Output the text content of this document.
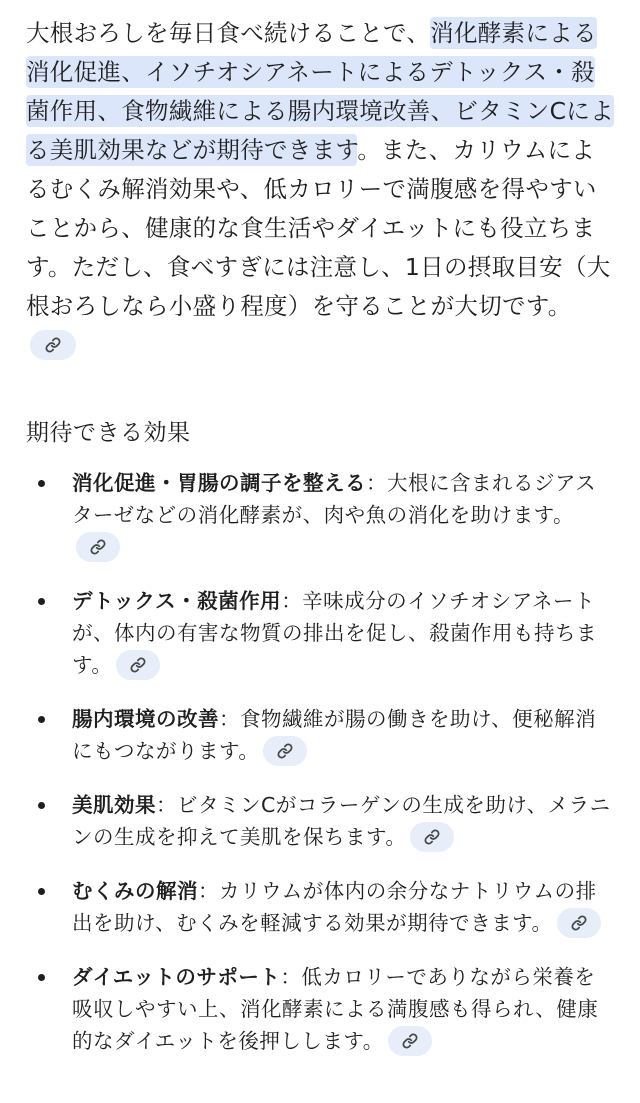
大根おろしを毎日食べ続けることで、消化酵素による消化促進、イソチオシアネートによるデトックス・殺菌作用、食物繊維による腸内環境改善、ビタミンCによる美肌効果などが期待できます。また、カリウムによるむくみ解消効果や、低カロリーで満腹感を得やすいことから、健康的な食生活やダイエットにも役立ちます。ただし、食べすぎには注意し、1日の摂取目安（大根おろしなら小盛り程度）を守ることが大切です。

期待できる効果
消化促進・胃腸の調子を整える：大根に含まれるジアスターゼなどの消化酵素が、肉や魚の消化を助けます。
デトックス・殺菌作用：辛味成分のイソチオシアネートが、体内の有害な物質の排出を促し、殺菌作用も持ちます。
腸内環境の改善：食物繊維が腸の働きを助け、便秘解消にもつながります。
美肌効果：ビタミンCがコラーゲンの生成を助け、メラニンの生成を抑えて美肌を保ちます。
むくみの解消：カリウムが体内の余分なナトリウムの排出を助け、むくみを軽減する効果が期待できます。
ダイエットのサポート：低カロリーでありながら栄養を吸収しやすい上、消化酵素による満腹感も得られ、健康的なダイエットを後押しします。
